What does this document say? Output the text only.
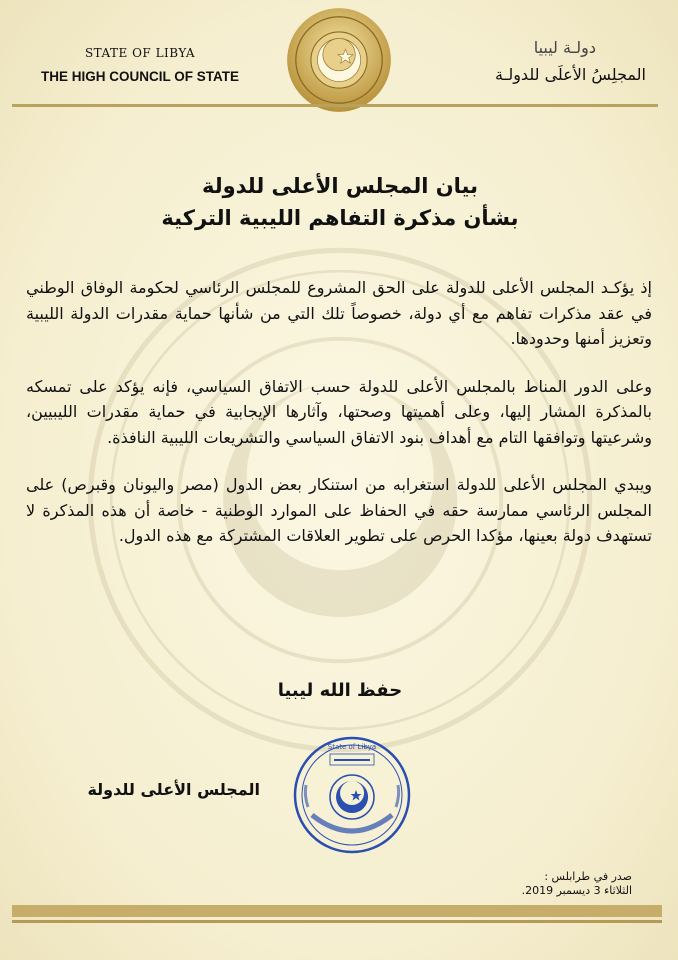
STATE OF LIBYA
THE HIGH COUNCIL OF STATE
دولـة ليبيا
المجلِسُ الأعلَى للدولـة
بيان المجلس الأعلى للدولة
بشأن مذكرة التفاهم الليبية التركية
إذ يؤكـد المجلس الأعلى للدولة على الحق المشروع للمجلس الرئاسي لحكومة الوفاق الوطني في عقد مذكرات تفاهم مع أي دولة، خصوصاً تلك التي من شأنها حماية مقدرات الدولة الليبية وتعزيز أمنها وحدودها.
وعلى الدور المناط بالمجلس الأعلى للدولة حسب الاتفاق السياسي، فإنه يؤكد على تمسكه بالمذكرة المشار إليها، وعلى أهميتها وصحتها، وآثارها الإيجابية في حماية مقدرات الليبيين، وشرعيتها وتوافقها التام مع أهداف بنود الاتفاق السياسي والتشريعات الليبية النافذة.
ويبدي المجلس الأعلى للدولة استغرابه من استنكار بعض الدول (مصر واليونان وقبرص) على المجلس الرئاسي ممارسة حقه في الحفاظ على الموارد الوطنية - خاصة أن هذه المذكرة لا تستهدف دولة بعينها، مؤكدا الحرص على تطوير العلاقات المشتركة مع هذه الدول.
حفظ الله ليبيا
State of Libya
المجلس الأعلى للدولة
صدر في طرابلس :
الثلاثاء 3 ديسمبر 2019.
